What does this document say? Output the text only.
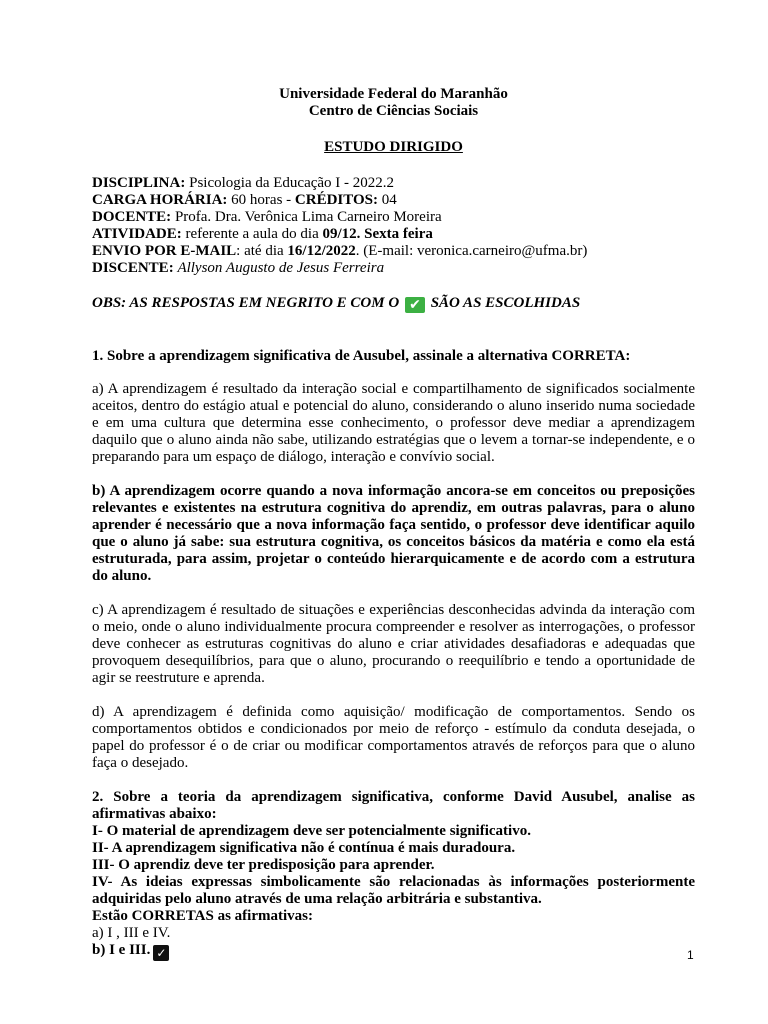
Universidade Federal do Maranhão
Centro de Ciências Sociais
ESTUDO DIRIGIDO
DISCIPLINA: Psicologia da Educação I - 2022.2
CARGA HORÁRIA: 60 horas - CRÉDITOS: 04
DOCENTE: Profa. Dra. Verônica Lima Carneiro Moreira
ATIVIDADE: referente a aula do dia 09/12. Sexta feira
ENVIO POR E-MAIL: até dia 16/12/2022. (E-mail: veronica.carneiro@ufma.br)
DISCENTE: Allyson Augusto de Jesus Ferreira
OBS: AS RESPOSTAS EM NEGRITO E COM O ✔ SÃO AS ESCOLHIDAS
1. Sobre a aprendizagem significativa de Ausubel, assinale a alternativa CORRETA:

a) A aprendizagem é resultado da interação social e compartilhamento de significados socialmente aceitos, dentro do estágio atual e potencial do aluno, considerando o aluno inserido numa sociedade e em uma cultura que determina esse conhecimento, o professor deve mediar a aprendizagem daquilo que o aluno ainda não sabe, utilizando estratégias que o levem a tornar-se independente, e o preparando para um espaço de diálogo, interação e convívio social.

b) A aprendizagem ocorre quando a nova informação ancora-se em conceitos ou preposições relevantes e existentes na estrutura cognitiva do aprendiz, em outras palavras, para o aluno aprender é necessário que a nova informação faça sentido, o professor deve identificar aquilo que o aluno já sabe: sua estrutura cognitiva, os conceitos básicos da matéria e como ela está estruturada, para assim, projetar o conteúdo hierarquicamente e de acordo com a estrutura do aluno.

c) A aprendizagem é resultado de situações e experiências desconhecidas advinda da interação com o meio, onde o aluno individualmente procura compreender e resolver as interrogações, o professor deve conhecer as estruturas cognitivas do aluno e criar atividades desafiadoras e adequadas que provoquem desequilíbrios, para que o aluno, procurando o reequilíbrio e tendo a oportunidade de agir se reestruture e aprenda.

d) A aprendizagem é definida como aquisição/ modificação de comportamentos. Sendo os comportamentos obtidos e condicionados por meio de reforço - estímulo da conduta desejada, o papel do professor é o de criar ou modificar comportamentos através de reforços para que o aluno faça o desejado.

2. Sobre a teoria da aprendizagem significativa, conforme David Ausubel, analise as afirmativas abaixo:
I- O material de aprendizagem deve ser potencialmente significativo.
II- A aprendizagem significativa não é contínua é mais duradoura.
III- O aprendiz deve ter predisposição para aprender.
IV- As ideias expressas simbolicamente são relacionadas às informações posteriormente adquiridas pelo aluno através de uma relação arbitrária e substantiva.
Estão CORRETAS as afirmativas:
a) I , III e IV.
b) I e III. ✓	1
